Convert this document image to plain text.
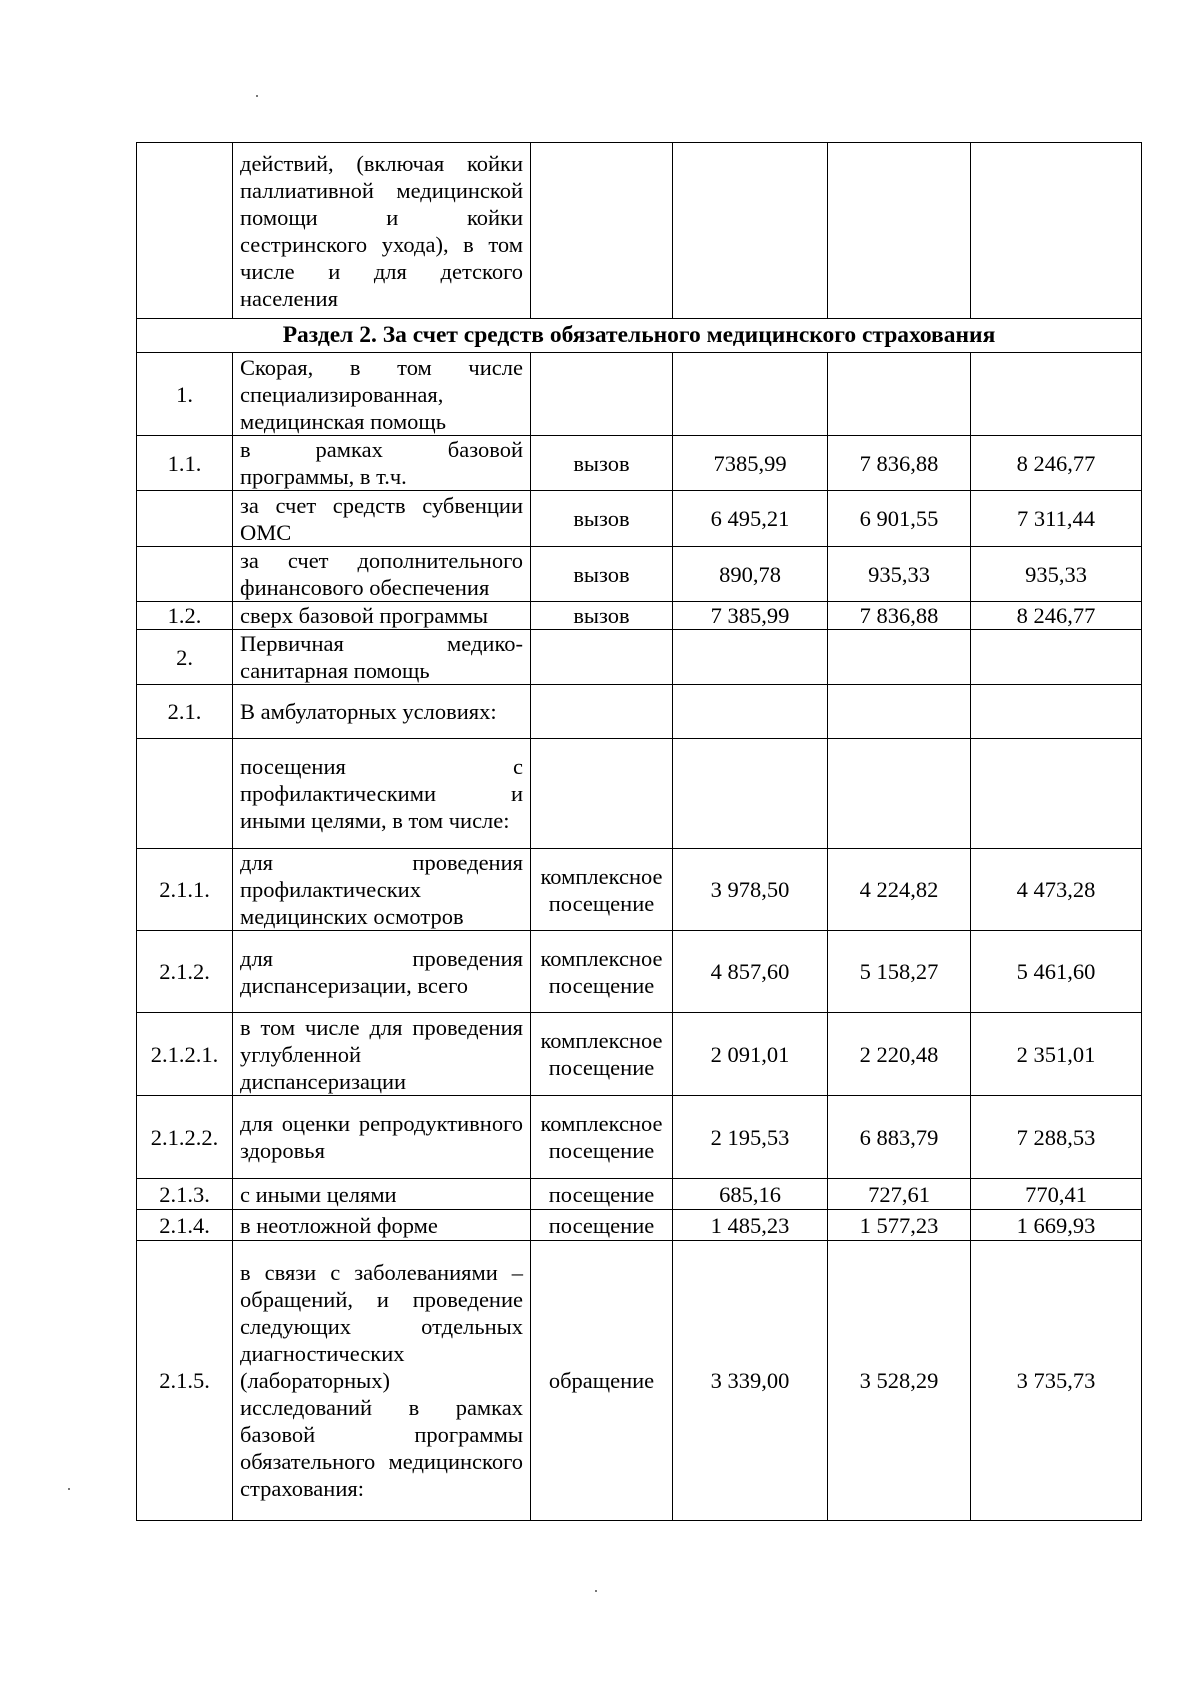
	действий, (включая койки паллиативной медицинской помощи и койки сестринского ухода), в том числе и для детского населения				
Раздел 2. За счет средств обязательного медицинского страхования					
1.	Скорая, в том числе специализированная, медицинская помощь				
1.1.	в рамках базовой программы, в т.ч.	вызов	7385,99	7 836,88	8 246,77
	за счет средств субвенции ОМС	вызов	6 495,21	6 901,55	7 311,44
	за счет дополнительного финансового обеспечения	вызов	890,78	935,33	935,33
1.2.	сверх базовой программы	вызов	7 385,99	7 836,88	8 246,77
2.	Первичная медико-санитарная помощь				
2.1.	В амбулаторных условиях:				
	посещения с профилактическими и иными целями, в том числе:				
2.1.1.	для проведения профилактических медицинских осмотров	комплексное посещение	3 978,50	4 224,82	4 473,28
2.1.2.	для проведения диспансеризации, всего	комплексное посещение	4 857,60	5 158,27	5 461,60
2.1.2.1.	в том числе для проведения углубленной диспансеризации	комплексное посещение	2 091,01	2 220,48	2 351,01
2.1.2.2.	для оценки репродуктивного здоровья	комплексное посещение	2 195,53	6 883,79	7 288,53
2.1.3.	с иными целями	посещение	685,16	727,61	770,41
2.1.4.	в неотложной форме	посещение	1 485,23	1 577,23	1 669,93
2.1.5.	в связи с заболеваниями – обращений, и проведение следующих отдельных диагностических (лабораторных) исследований в рамках базовой программы обязательного медицинского страхования:	обращение	3 339,00	3 528,29	3 735,73
